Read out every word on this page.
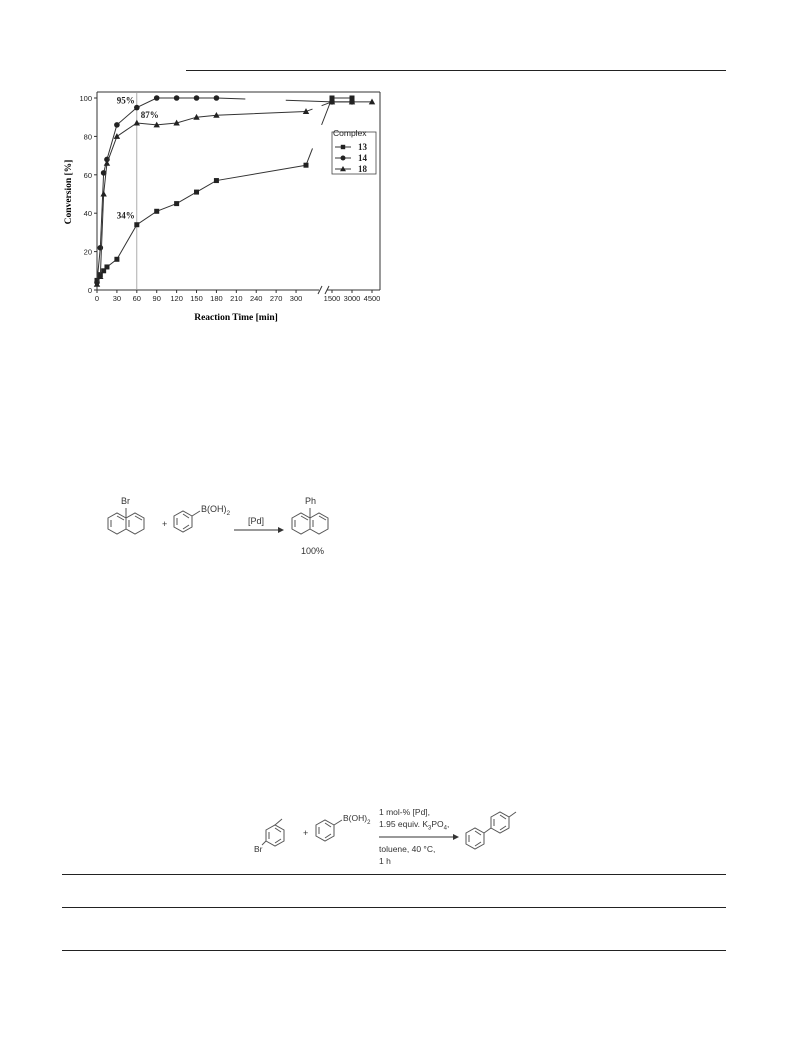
0
20
40
60
80
100
0 30 60 90 120 150 180 210 240 270 300	1500 3000 4500
95%
87%
34%
Complex
13
14
18
Conversion [%]
Reaction Time [min]
Br
+
$B(OH)_2$
[Pd]
Ph
100%
Br
+
$B(OH)_2$
1 mol-% [Pd],
1.95 equiv. $K_3PO_4$,
toluene, 40 °C,
1 h
